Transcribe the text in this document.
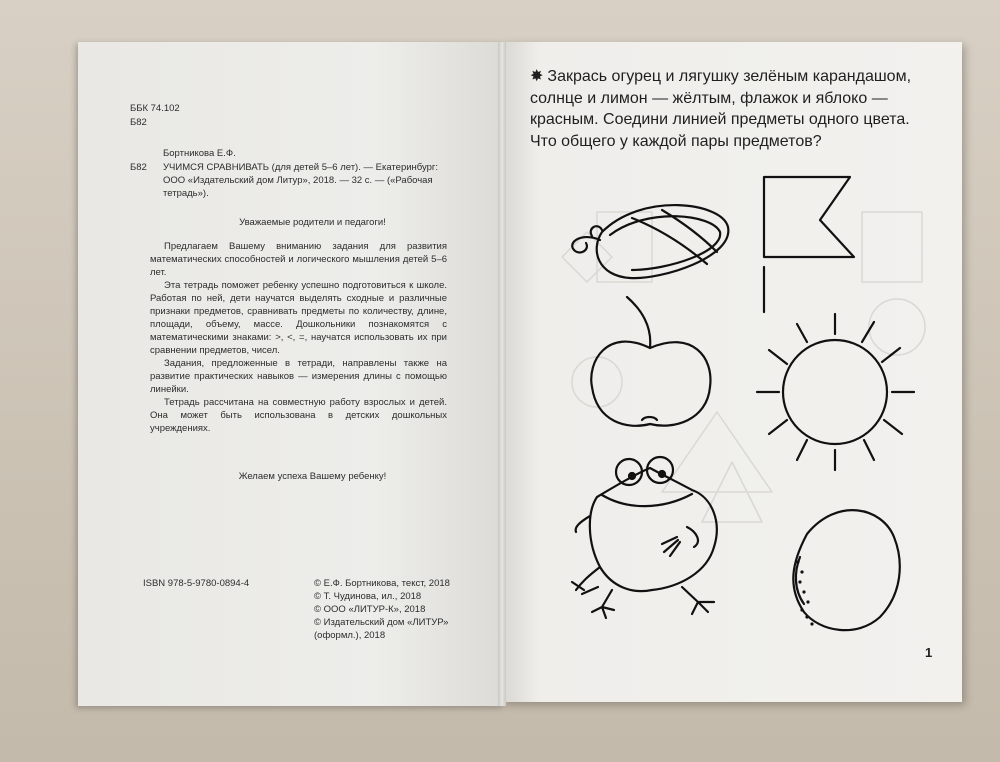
ББК 74.102
Б82
Бортникова Е.Ф.
Б82 УЧИМСЯ СРАВНИВАТЬ (для детей 5–6 лет). — Екатеринбург: ООО «Издательский дом Литур», 2018. — 32 с. — («Рабочая тетрадь»).
Уважаемые родители и педагоги!

Предлагаем Вашему вниманию задания для развития математических способностей и логического мышления детей 5–6 лет.

Эта тетрадь поможет ребенку успешно подготовиться к школе. Работая по ней, дети научатся выделять сходные и различные признаки предметов, сравнивать предметы по количеству, длине, площади, объему, массе. Дошкольники познакомятся с математическими знаками: >, <, =, научатся использовать их при сравнении предметов, чисел.

Задания, предложенные в тетради, направлены также на развитие практических навыков — измерения длины с помощью линейки.

Тетрадь рассчитана на совместную работу взрослых и детей. Она может быть использована в детских дошкольных учреждениях.

Желаем успеха Вашему ребенку!
ISBN 978-5-9780-0894-4	© Е.Ф. Бортникова, текст, 2018
© Т. Чудинова, ил., 2018
© ООО «ЛИТУР-К», 2018
© Издательский дом «ЛИТУР»
(оформл.), 2018
✸ Закрась огурец и лягушку зелёным карандашом, солнце и лимон — жёлтым, флажок и яблоко — красным. Соедини линией предметы одного цвета. Что общего у каждой пары предметов?
1
